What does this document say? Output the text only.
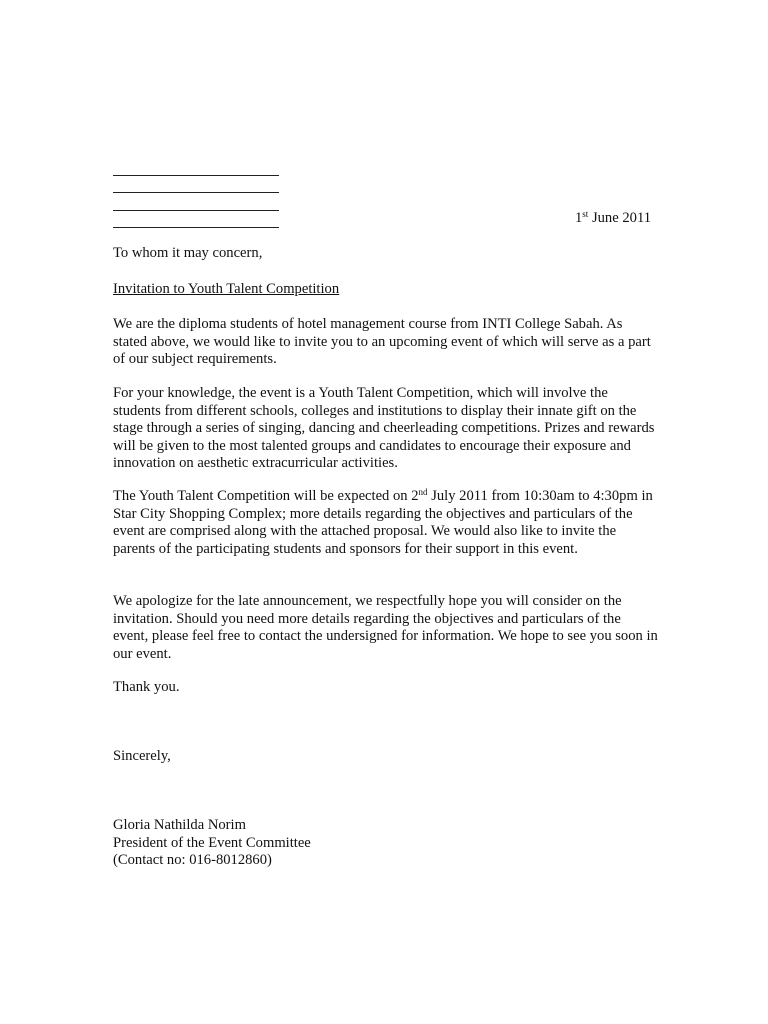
1st June 2011
To whom it may concern,
Invitation to Youth Talent Competition

We are the diploma students of hotel management course from INTI College Sabah. As stated above, we would like to invite you to an upcoming event of which will serve as a part of our subject requirements.

For your knowledge, the event is a Youth Talent Competition, which will involve the students from different schools, colleges and institutions to display their innate gift on the stage through a series of singing, dancing and cheerleading competitions. Prizes and rewards will be given to the most talented groups and candidates to encourage their exposure and innovation on aesthetic extracurricular activities.

The Youth Talent Competition will be expected on 2nd July 2011 from 10:30am to 4:30pm in Star City Shopping Complex; more details regarding the objectives and particulars of the event are comprised along with the attached proposal. We would also like to invite the parents of the participating students and sponsors for their support in this event.

We apologize for the late announcement, we respectfully hope you will consider on the invitation. Should you need more details regarding the objectives and particulars of the event, please feel free to contact the undersigned for information. We hope to see you soon in our event.

Thank you.
Sincerely,
Gloria Nathilda Norim
President of the Event Committee
(Contact no: 016-8012860)
